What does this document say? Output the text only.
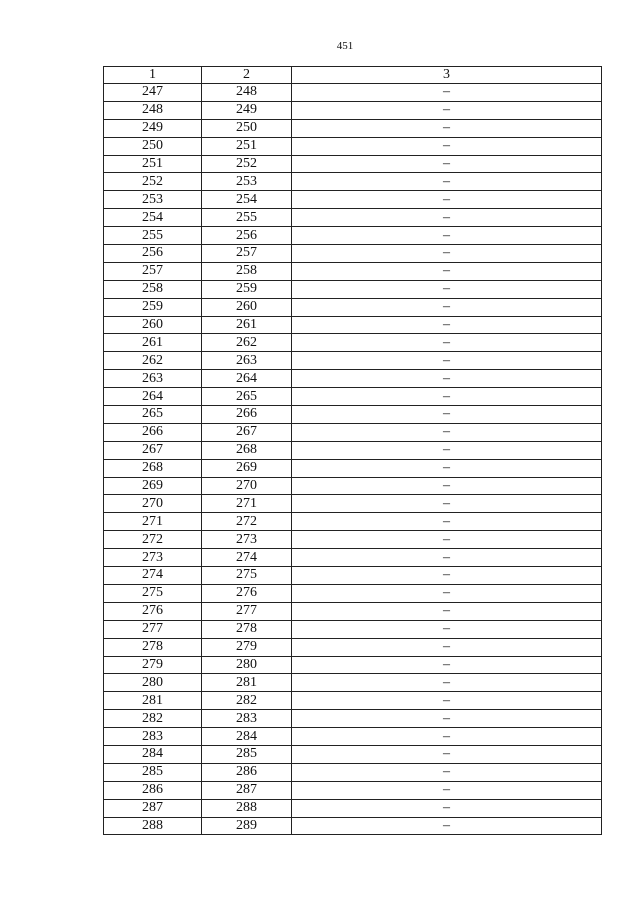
451
1	2	3
247	248	–
248	249	–
249	250	–
250	251	–
251	252	–
252	253	–
253	254	–
254	255	–
255	256	–
256	257	–
257	258	–
258	259	–
259	260	–
260	261	–
261	262	–
262	263	–
263	264	–
264	265	–
265	266	–
266	267	–
267	268	–
268	269	–
269	270	–
270	271	–
271	272	–
272	273	–
273	274	–
274	275	–
275	276	–
276	277	–
277	278	–
278	279	–
279	280	–
280	281	–
281	282	–
282	283	–
283	284	–
284	285	–
285	286	–
286	287	–
287	288	–
288	289	–
